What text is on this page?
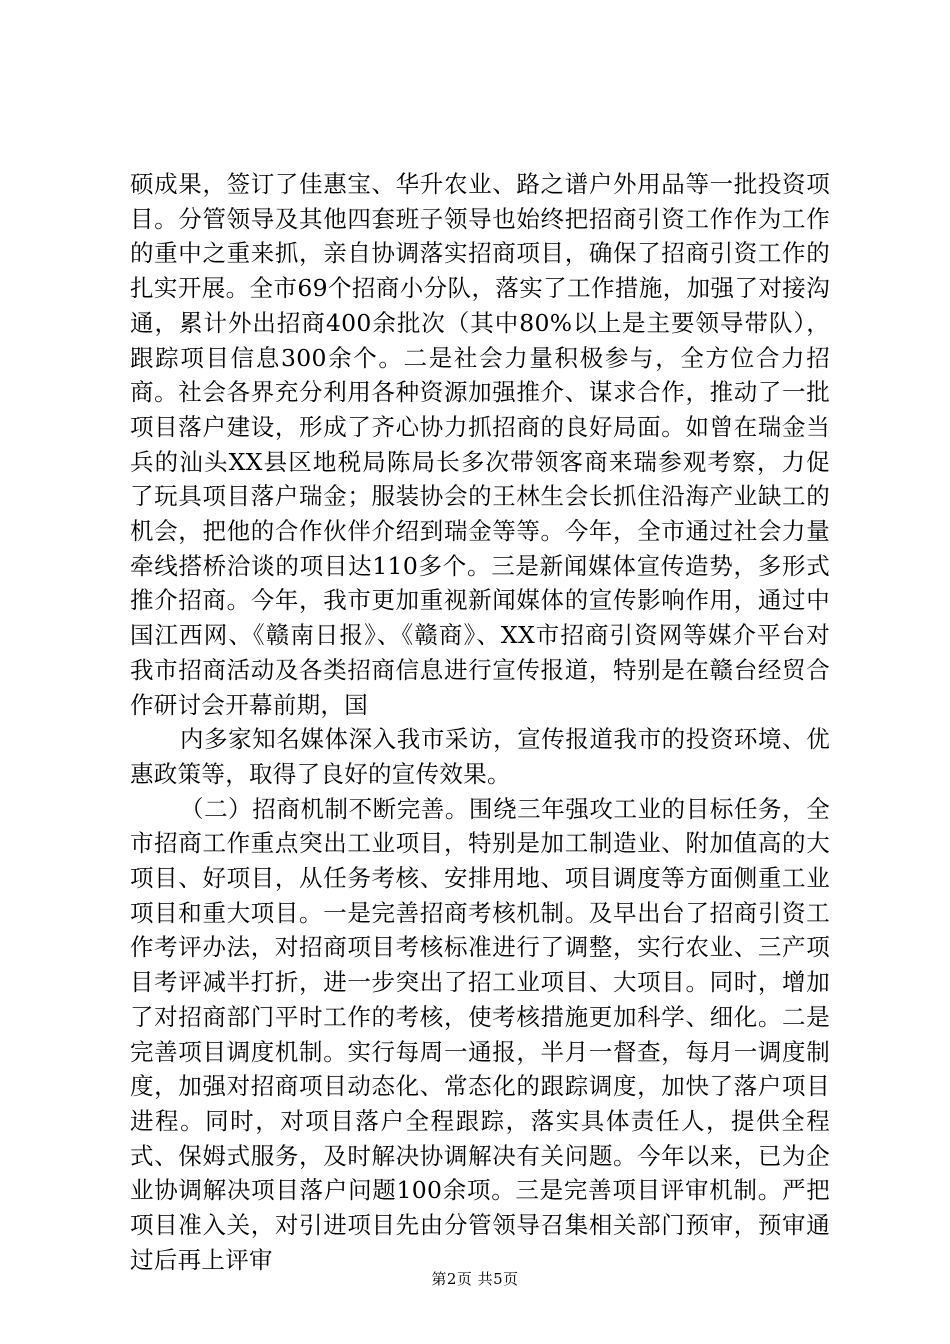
硕成果，签订了佳惠宝、华升农业、路之谱户外用品等一批投资项目。分管领导及其他四套班子领导也始终把招商引资工作作为工作的重中之重来抓，亲自协调落实招商项目，确保了招商引资工作的扎实开展。全市69个招商小分队，落实了工作措施，加强了对接沟通，累计外出招商400余批次（其中80%以上是主要领导带队），跟踪项目信息300余个。二是社会力量积极参与，全方位合力招商。社会各界充分利用各种资源加强推介、谋求合作，推动了一批项目落户建设，形成了齐心协力抓招商的良好局面。如曾在瑞金当兵的汕头XX县区地税局陈局长多次带领客商来瑞参观考察，力促了玩具项目落户瑞金；服装协会的王林生会长抓住沿海产业缺工的机会，把他的合作伙伴介绍到瑞金等等。今年，全市通过社会力量牵线搭桥洽谈的项目达110多个。三是新闻媒体宣传造势，多形式推介招商。今年，我市更加重视新闻媒体的宣传影响作用，通过中国江西网、《赣南日报》、《赣商》、XX市招商引资网等媒介平台对我市招商活动及各类招商信息进行宣传报道，特别是在赣台经贸合作研讨会开幕前期，国

内多家知名媒体深入我市采访，宣传报道我市的投资环境、优惠政策等，取得了良好的宣传效果。

（二）招商机制不断完善。围绕三年强攻工业的目标任务，全市招商工作重点突出工业项目，特别是加工制造业、附加值高的大项目、好项目，从任务考核、安排用地、项目调度等方面侧重工业项目和重大项目。一是完善招商考核机制。及早出台了招商引资工作考评办法，对招商项目考核标准进行了调整，实行农业、三产项目考评减半打折，进一步突出了招工业项目、大项目。同时，增加了对招商部门平时工作的考核，使考核措施更加科学、细化。二是完善项目调度机制。实行每周一通报，半月一督查，每月一调度制度，加强对招商项目动态化、常态化的跟踪调度，加快了落户项目进程。同时，对项目落户全程跟踪，落实具体责任人，提供全程式、保姆式服务，及时解决协调解决有关问题。今年以来，已为企业协调解决项目落户问题100余项。三是完善项目评审机制。严把项目准入关，对引进项目先由分管领导召集相关部门预审，预审通过后再上评审

第2页 共5页
